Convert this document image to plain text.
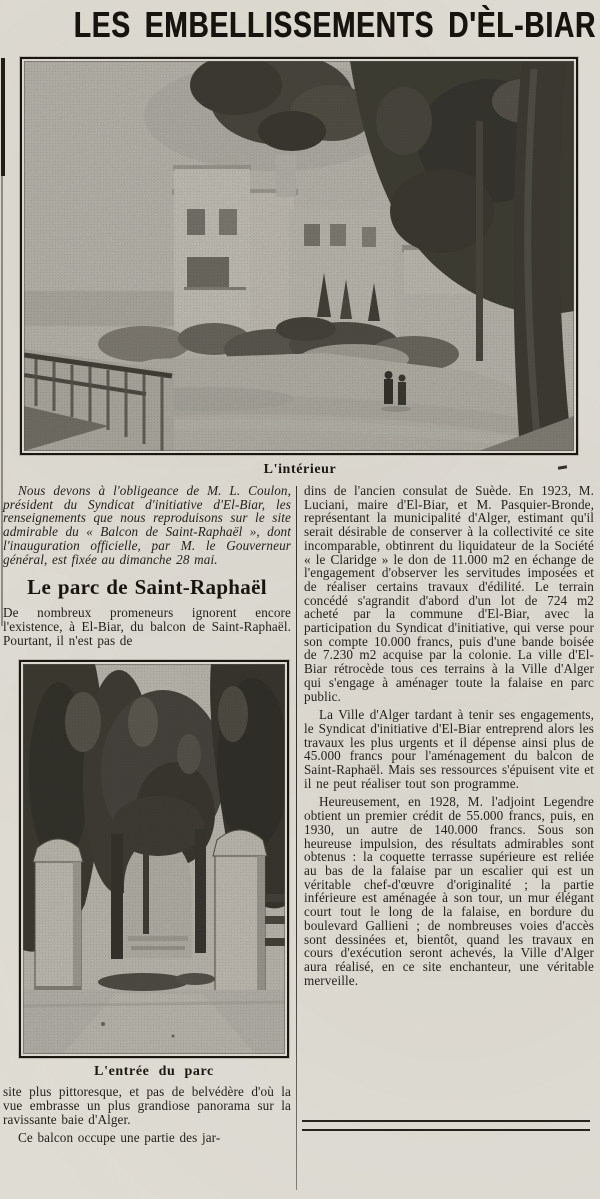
LES EMBELLISSEMENTS D'ÈL-BIAR
L'intérieur

Nous devons à l'obligeance de M. L. Coulon, président du Syndicat d'initiative d'El-Biar, les renseignements que nous reproduisons sur le site admirable du « Balcon de Saint-Raphaël », dont l'inauguration officielle, par M. le Gouverneur général, est fixée au dimanche 28 mai.

Le parc de Saint-Raphaël

De nombreux promeneurs ignorent encore l'existence, à El-Biar, du balcon de Saint-Raphaël. Pourtant, il n'est pas de

L'entrée du parc

site plus pittoresque, et pas de belvédère d'où la vue embrasse un plus grandiose panorama sur la ravissante baie d'Alger.

Ce balcon occupe une partie des jar-

dins de l'ancien consulat de Suède. En 1923, M. Luciani, maire d'El-Biar, et M. Pasquier-Bronde, représentant la municipalité d'Alger, estimant qu'il serait désirable de conserver à la collectivité ce site incomparable, obtinrent du liquidateur de la Société « le Claridge » le don de 11.000 m2 en échange de l'engagement d'observer les servitudes imposées et de réaliser certains travaux d'édilité. Le terrain concédé s'agrandit d'abord d'un lot de 724 m2 acheté par la commune d'El-Biar, avec la participation du Syndicat d'initiative, qui verse pour son compte 10.000 francs, puis d'une bande boisée de 7.230 m2 acquise par la colonie. La ville d'El-Biar rétrocède tous ces terrains à la Ville d'Alger qui s'engage à aménager toute la falaise en parc public.

La Ville d'Alger tardant à tenir ses engagements, le Syndicat d'initiative d'El-Biar entreprend alors les travaux les plus urgents et il dépense ainsi plus de 45.000 francs pour l'aménagement du balcon de Saint-Raphaël. Mais ses ressources s'épuisent vite et il ne peut réaliser tout son programme.

Heureusement, en 1928, M. l'adjoint Legendre obtient un premier crédit de 55.000 francs, puis, en 1930, un autre de 140.000 francs. Sous son heureuse impulsion, des résultats admirables sont obtenus : la coquette terrasse supérieure est reliée au bas de la falaise par un escalier qui est un véritable chef-d'œuvre d'originalité ; la partie inférieure est aménagée à son tour, un mur élégant court tout le long de la falaise, en bordure du boulevard Gallieni ; de nombreuses voies d'accès sont dessinées et, bientôt, quand les travaux en cours d'exécution seront achevés, la Ville d'Alger aura réalisé, en ce site enchanteur, une véritable merveille.
